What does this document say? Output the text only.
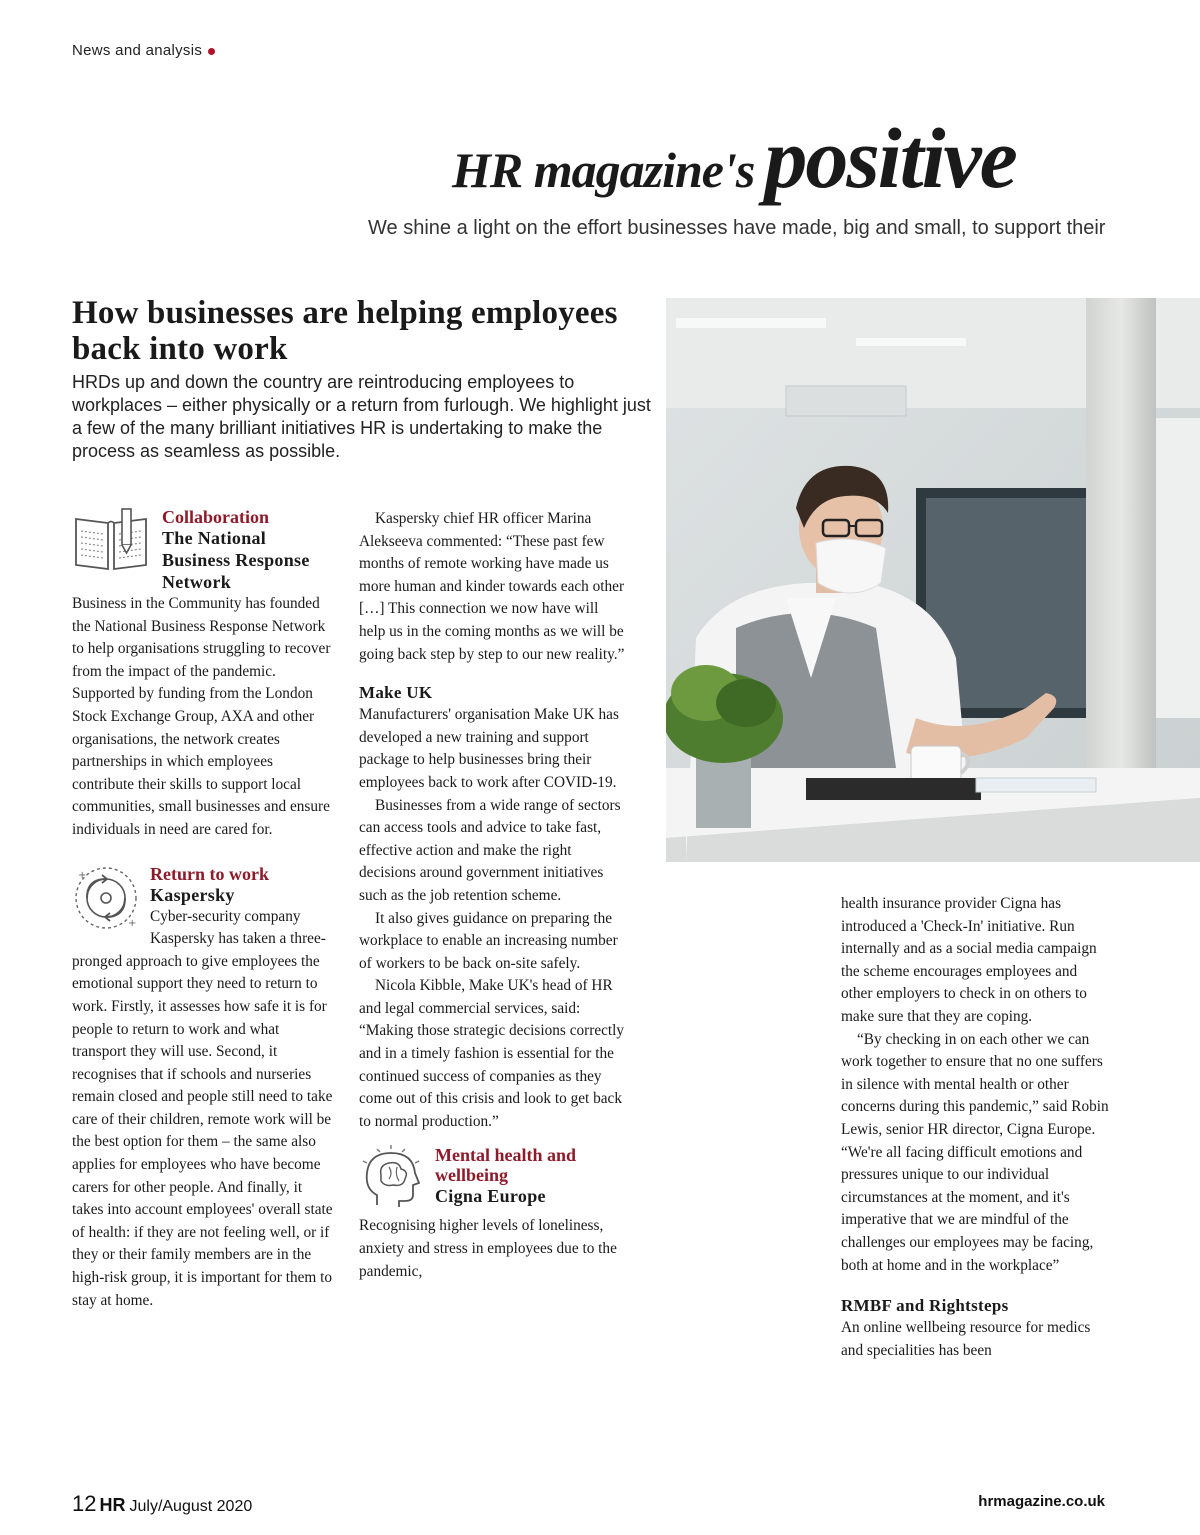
News and analysis
HR magazine's positive
We shine a light on the effort businesses have made, big and small, to support their
How businesses are helping employees back into work

HRDs up and down the country are reintroducing employees to workplaces – either physically or a return from furlough. We highlight just a few of the many brilliant initiatives HR is undertaking to make the process as seamless as possible.

Collaboration
The National Business Response Network

Business in the Community has founded the National Business Response Network to help organisations struggling to recover from the impact of the pandemic. Supported by funding from the London Stock Exchange Group, AXA and other organisations, the network creates partnerships in which employees contribute their skills to support local communities, small businesses and ensure individuals in need are cared for.

+
+
Return to work
Kaspersky

Cyber-security company Kaspersky has taken a three-pronged approach to give employees the emotional support they need to return to work. Firstly, it assesses how safe it is for people to return to work and what transport they will use. Second, it recognises that if schools and nurseries remain closed and people still need to take care of their children, remote work will be the best option for them – the same also applies for employees who have become carers for other people. And finally, it takes into account employees' overall state of health: if they are not feeling well, or if they or their family members are in the high-risk group, it is important for them to stay at home.

Kaspersky chief HR officer Marina Alekseeva commented: “These past few months of remote working have made us more human and kinder towards each other […] This connection we now have will help us in the coming months as we will be going back step by step to our new reality.”

Make UK

Manufacturers' organisation Make UK has developed a new training and support package to help businesses bring their employees back to work after COVID-19.

Businesses from a wide range of sectors can access tools and advice to take fast, effective action and make the right decisions around government initiatives such as the job retention scheme.

It also gives guidance on preparing the workplace to enable an increasing number of workers to be back on-site safely.

Nicola Kibble, Make UK's head of HR and legal commercial services, said: “Making those strategic decisions correctly and in a timely fashion is essential for the continued success of companies as they come out of this crisis and look to get back to normal production.”

Mental health and wellbeing
Cigna Europe

Recognising higher levels of loneliness, anxiety and stress in employees due to the pandemic,

health insurance provider Cigna has introduced a 'Check-In' initiative. Run internally and as a social media campaign the scheme encourages employees and other employers to check in on others to make sure that they are coping.

“By checking in on each other we can work together to ensure that no one suffers in silence with mental health or other concerns during this pandemic,” said Robin Lewis, senior HR director, Cigna Europe. “We're all facing difficult emotions and pressures unique to our individual circumstances at the moment, and it's imperative that we are mindful of the challenges our employees may be facing, both at home and in the workplace”

RMBF and Rightsteps

An online wellbeing resource for medics and specialities has been

12 HR July/August 2020	hrmagazine.co.uk
